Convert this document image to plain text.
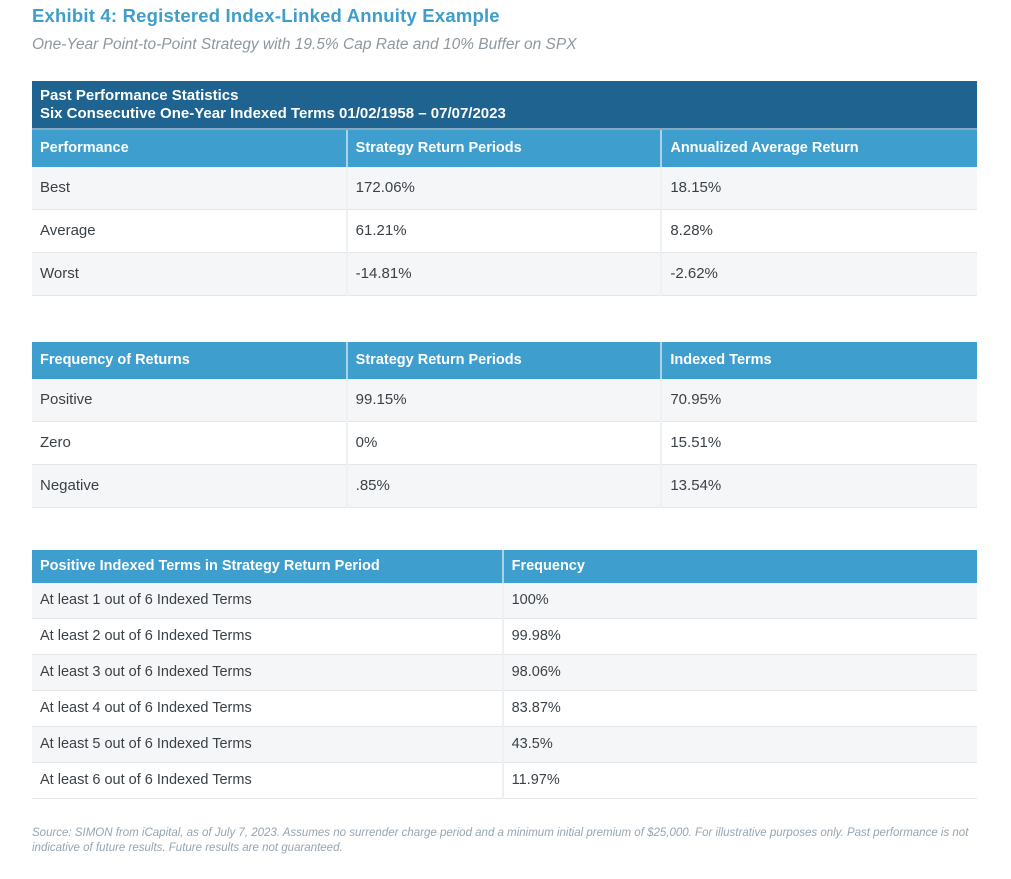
Exhibit 4: Registered Index-Linked Annuity Example
One-Year Point-to-Point Strategy with 19.5% Cap Rate and 10% Buffer on SPX
Past Performance Statistics
Six Consecutive One-Year Indexed Terms 01/02/1958 – 07/07/2023
Performance	Strategy Return Periods	Annualized Average Return
Best	172.06%	18.15%
Average	61.21%	8.28%
Worst	-14.81%	-2.62%
Frequency of Returns	Strategy Return Periods	Indexed Terms
Positive	99.15%	70.95%
Zero	0%	15.51%
Negative	.85%	13.54%
Positive Indexed Terms in Strategy Return Period	Frequency
At least 1 out of 6 Indexed Terms	100%
At least 2 out of 6 Indexed Terms	99.98%
At least 3 out of 6 Indexed Terms	98.06%
At least 4 out of 6 Indexed Terms	83.87%
At least 5 out of 6 Indexed Terms	43.5%
At least 6 out of 6 Indexed Terms	11.97%

Source: SIMON from iCapital, as of July 7, 2023. Assumes no surrender charge period and a minimum initial premium of $25,000. For illustrative purposes only. Past performance is not indicative of future results. Future results are not guaranteed.
